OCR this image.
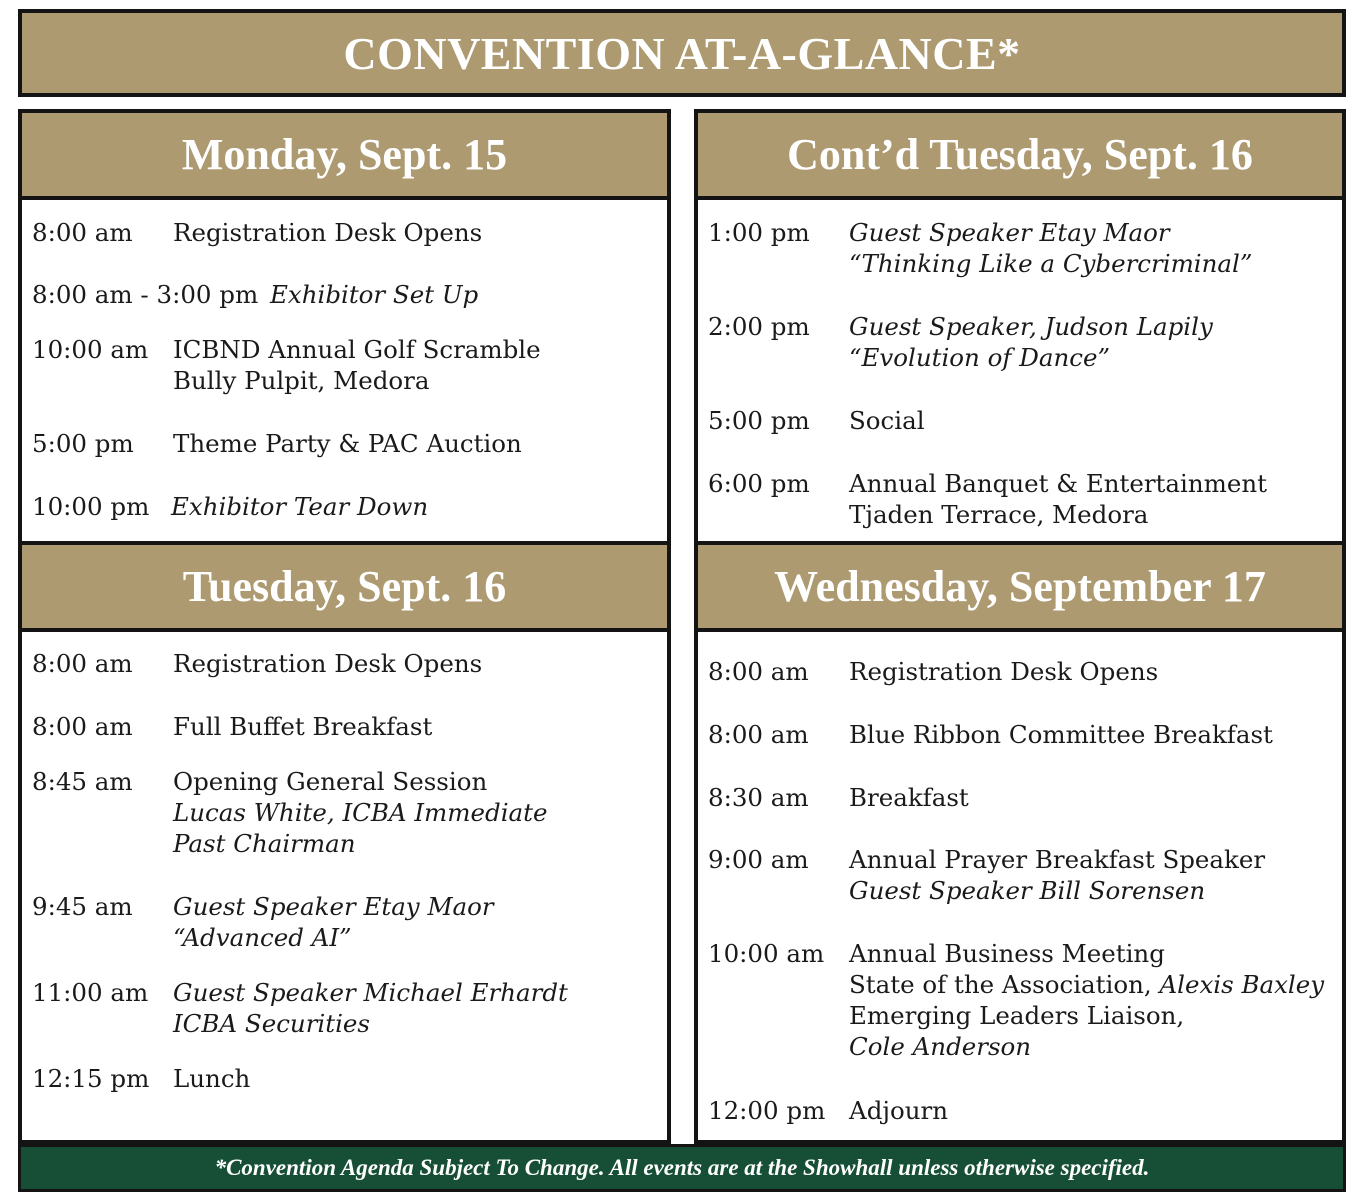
CONVENTION AT-A-GLANCE*
Monday, Sept. 15
Tuesday, Sept. 16
8:00 am Registration Desk Opens
8:00 am - 3:00 pm Exhibitor Set Up
10:00 am ICBND Annual Golf Scramble
Bully Pulpit, Medora
5:00 pm Theme Party & PAC Auction
10:00 pm Exhibitor Tear Down
8:00 am Registration Desk Opens
8:00 am Full Buffet Breakfast
8:45 am Opening General Session
Lucas White, ICBA Immediate
Past Chairman
9:45 am Guest Speaker Etay Maor
“Advanced AI”
11:00 am Guest Speaker Michael Erhardt
ICBA Securities
12:15 pm Lunch
Cont’d Tuesday, Sept. 16
Wednesday, September 17
1:00 pm Guest Speaker Etay Maor
“Thinking Like a Cybercriminal”
2:00 pm Guest Speaker, Judson Lapily
“Evolution of Dance”
5:00 pm Social
6:00 pm Annual Banquet & Entertainment
Tjaden Terrace, Medora
8:00 am Registration Desk Opens
8:00 am Blue Ribbon Committee Breakfast
8:30 am Breakfast
9:00 am Annual Prayer Breakfast Speaker
Guest Speaker Bill Sorensen
10:00 am Annual Business Meeting
State of the Association, Alexis Baxley
Emerging Leaders Liaison,
Cole Anderson
12:00 pm Adjourn
*Convention Agenda Subject To Change. All events are at the Showhall unless otherwise specified.
